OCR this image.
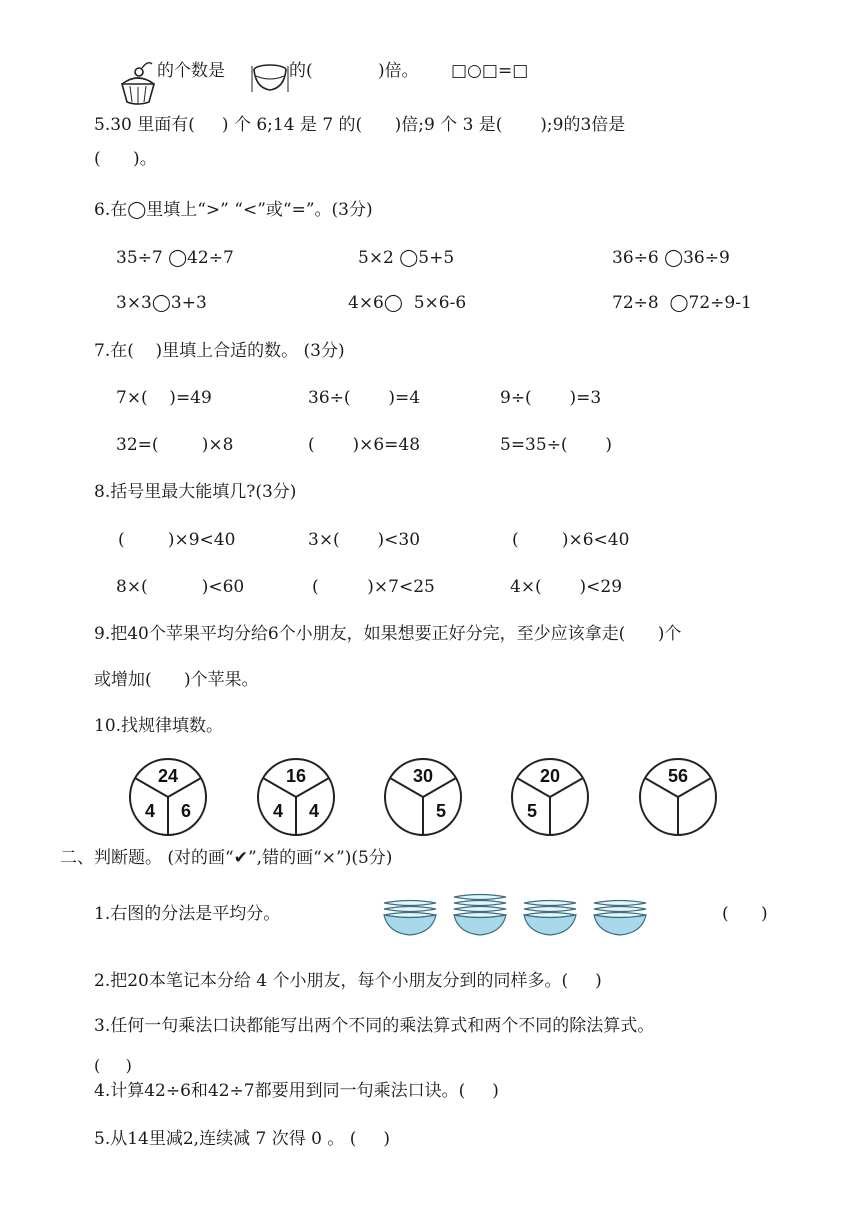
的个数是	的(	)倍。 □○□=□
5.30 里面有(     ) 个 6;14 是 7 的(      )倍;9 个 3 是(       );9的3倍是
(      )。
6.在◯里填上“>” “<”或“=”。(3分)
35÷7 ◯42÷7	5×2 ◯5+5	36÷6 ◯36÷9
3×3◯3+3	4×6◯  5×6-6	72÷8  ◯72÷9-1
7.在(    )里填上合适的数。 (3分)
7×(    )=49	36÷(       )=4	9÷(       )=3
32=(        )×8	(       )×6=48	5=35÷(       )
8.括号里最大能填几?(3分)
(        )×9<40	3×(       )<30	(        )×6<40
8×(          )<60	(         )×7<25	4×(       )<29
9.把40个苹果平均分给6个小朋友，如果想要正好分完，至少应该拿走(      )个
或增加(      )个苹果。
10.找规律填数。
24
4 6
16
4 4
30
5
20
5
56
二、判断题。 (对的画“✔”,错的画“×”)(5分)
1.右图的分法是平均分。	(      )
2.把20本笔记本分给 4 个小朋友，每个小朋友分到的同样多。(     )
3.任何一句乘法口诀都能写出两个不同的乘法算式和两个不同的除法算式。
(     )
4.计算42÷6和42÷7都要用到同一句乘法口诀。(     )
5.从14里减2,连续减 7 次得 0 。 (     )
